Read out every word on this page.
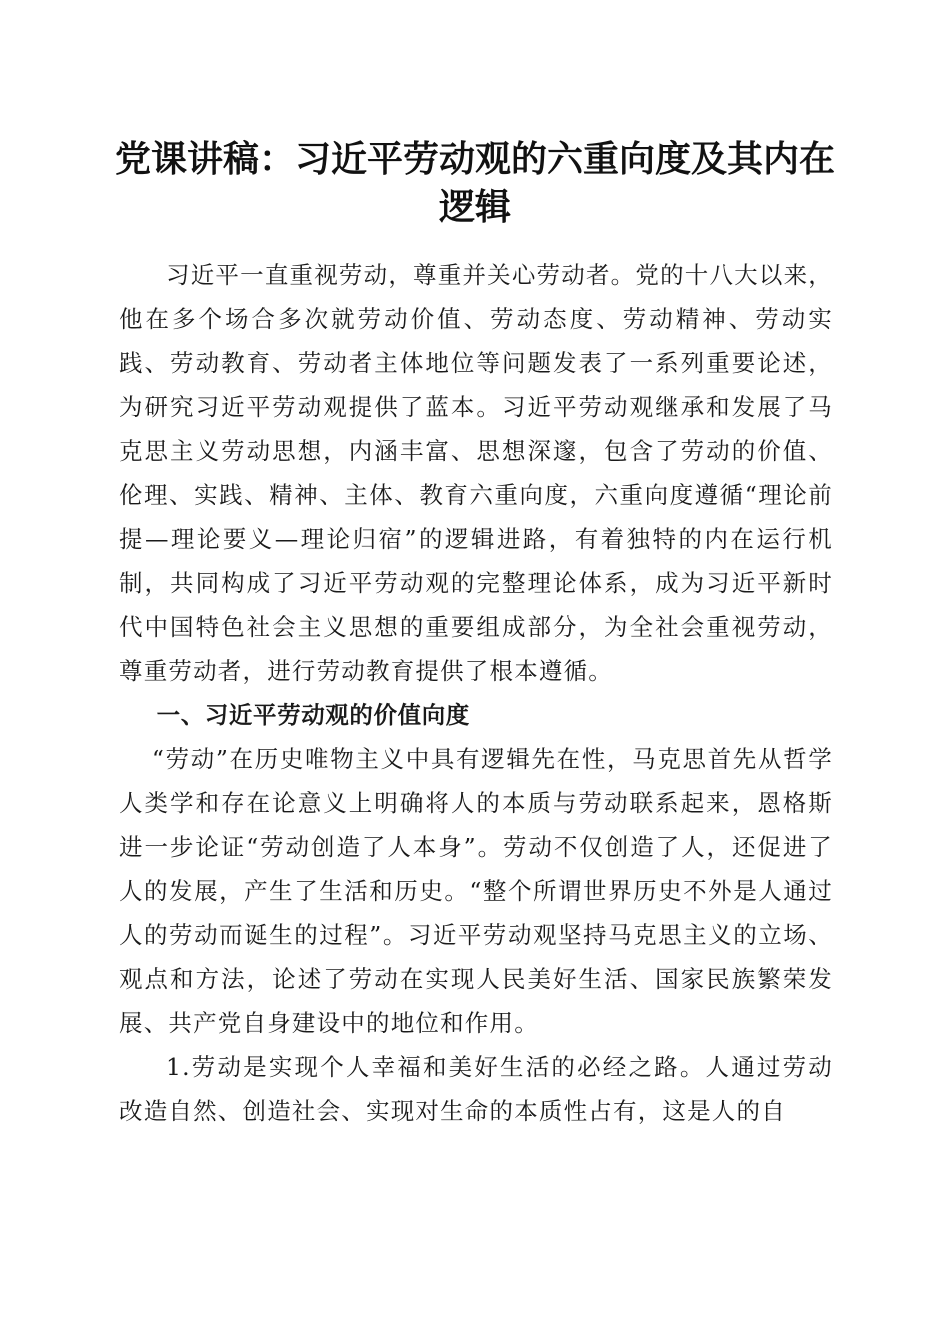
党课讲稿：习近平劳动观的六重向度及其内在
逻辑

习近平一直重视劳动，尊重并关心劳动者。党的十八大以来，他在多个场合多次就劳动价值、劳动态度、劳动精神、劳动实践、劳动教育、劳动者主体地位等问题发表了一系列重要论述，为研究习近平劳动观提供了蓝本。习近平劳动观继承和发展了马克思主义劳动思想，内涵丰富、思想深邃，包含了劳动的价值、伦理、实践、精神、主体、教育六重向度，六重向度遵循“理论前提—理论要义—理论归宿”的逻辑进路，有着独特的内在运行机制，共同构成了习近平劳动观的完整理论体系，成为习近平新时代中国特色社会主义思想的重要组成部分，为全社会重视劳动，尊重劳动者，进行劳动教育提供了根本遵循。

一、习近平劳动观的价值向度

“劳动”在历史唯物主义中具有逻辑先在性，马克思首先从哲学人类学和存在论意义上明确将人的本质与劳动联系起来，恩格斯进一步论证“劳动创造了人本身”。劳动不仅创造了人，还促进了人的发展，产生了生活和历史。“整个所谓世界历史不外是人通过人的劳动而诞生的过程”。习近平劳动观坚持马克思主义的立场、观点和方法，论述了劳动在实现人民美好生活、国家民族繁荣发展、共产党自身建设中的地位和作用。

1.劳动是实现个人幸福和美好生活的必经之路。人通过劳动改造自然、创造社会、实现对生命的本质性占有，这是人的自
